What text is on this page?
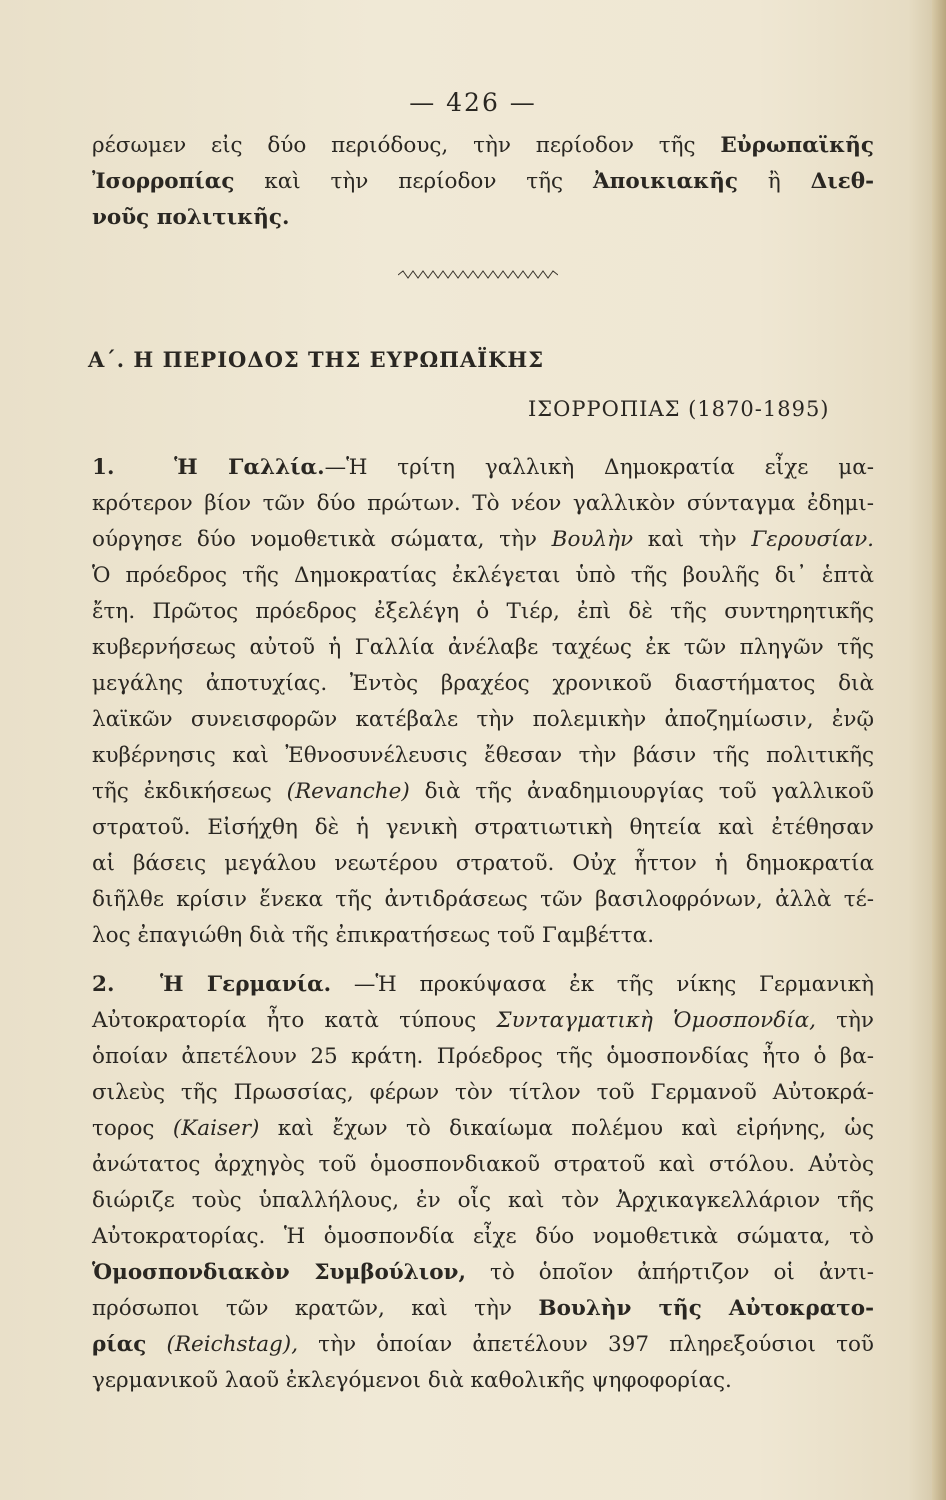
— 426 —
ρέσωμεν εἰς δύο περιόδους, τὴν περίοδον τῆς Εὐρωπαϊκῆς
Ἰσορροπίας καὶ τὴν περίοδον τῆς Ἀποικιακῆς ἢ Διεθ-
νοῦς πολιτικῆς.
Α΄. Η ΠΕΡΙΟΔΟΣ ΤΗΣ ΕΥΡΩΠΑΪΚΗΣ
ΙΣΟΡΡΟΠΙΑΣ (1870-1895)
1.	Ἡ Γαλλία.—Ἡ τρίτη γαλλικὴ Δημοκρατία εἶχε μα-
κρότερον βίον τῶν δύο πρώτων. Τὸ νέον γαλλικὸν σύνταγμα ἐδημι-
ούργησε δύο νομοθετικὰ σώματα, τὴν Βουλὴν καὶ τὴν Γερουσίαν.
Ὁ πρόεδρος τῆς Δημοκρατίας ἐκλέγεται ὑπὸ τῆς βουλῆς δι᾽ ἑπτὰ
ἔτη. Πρῶτος πρόεδρος ἐξελέγη ὁ Τιέρ, ἐπὶ δὲ τῆς συντηρητικῆς
κυβερνήσεως αὐτοῦ ἡ Γαλλία ἀνέλαβε ταχέως ἐκ τῶν πληγῶν τῆς
μεγάλης ἀποτυχίας. Ἐντὸς βραχέος χρονικοῦ διαστήματος διὰ
λαϊκῶν συνεισφορῶν κατέβαλε τὴν πολεμικὴν ἀποζημίωσιν, ἐνῷ
κυβέρνησις καὶ Ἐθνοσυνέλευσις ἔθεσαν τὴν βάσιν τῆς πολιτικῆς
τῆς ἐκδικήσεως (Revanche) διὰ τῆς ἀναδημιουργίας τοῦ γαλλικοῦ
στρατοῦ. Εἰσήχθη δὲ ἡ γενικὴ στρατιωτικὴ θητεία καὶ ἐτέθησαν
αἱ βάσεις μεγάλου νεωτέρου στρατοῦ. Οὐχ ἧττον ἡ δημοκρατία
διῆλθε κρίσιν ἕνεκα τῆς ἀντιδράσεως τῶν βασιλοφρόνων, ἀλλὰ τέ-
λος ἐπαγιώθη διὰ τῆς ἐπικρατήσεως τοῦ Γαμβέττα.
2. Ἡ Γερμανία. —Ἡ προκύψασα ἐκ τῆς νίκης Γερμανικὴ
Αὐτοκρατορία ἦτο κατὰ τύπους Συνταγματικὴ Ὁμοσπονδία, τὴν
ὁποίαν ἀπετέλουν 25 κράτη. Πρόεδρος τῆς ὁμοσπονδίας ἦτο ὁ βα-
σιλεὺς τῆς Πρωσσίας, φέρων τὸν τίτλον τοῦ Γερμανοῦ Αὐτοκρά-
τορος (Kaiser) καὶ ἔχων τὸ δικαίωμα πολέμου καὶ εἰρήνης, ὡς
ἀνώτατος ἀρχηγὸς τοῦ ὁμοσπονδιακοῦ στρατοῦ καὶ στόλου. Αὐτὸς
διώριζε τοὺς ὑπαλλήλους, ἐν οἷς καὶ τὸν Ἀρχικαγκελλάριον τῆς
Αὐτοκρατορίας. Ἡ ὁμοσπονδία εἶχε δύο νομοθετικὰ σώματα, τὸ
Ὁμοσπονδιακὸν Συμβούλιον, τὸ ὁποῖον ἀπήρτιζον οἱ ἀντι-
πρόσωποι τῶν κρατῶν, καὶ τὴν Βουλὴν τῆς Αὐτοκρατο-
ρίας (Reichstag), τὴν ὁποίαν ἀπετέλουν 397 πληρεξούσιοι τοῦ
γερμανικοῦ λαοῦ ἐκλεγόμενοι διὰ καθολικῆς ψηφοφορίας.
